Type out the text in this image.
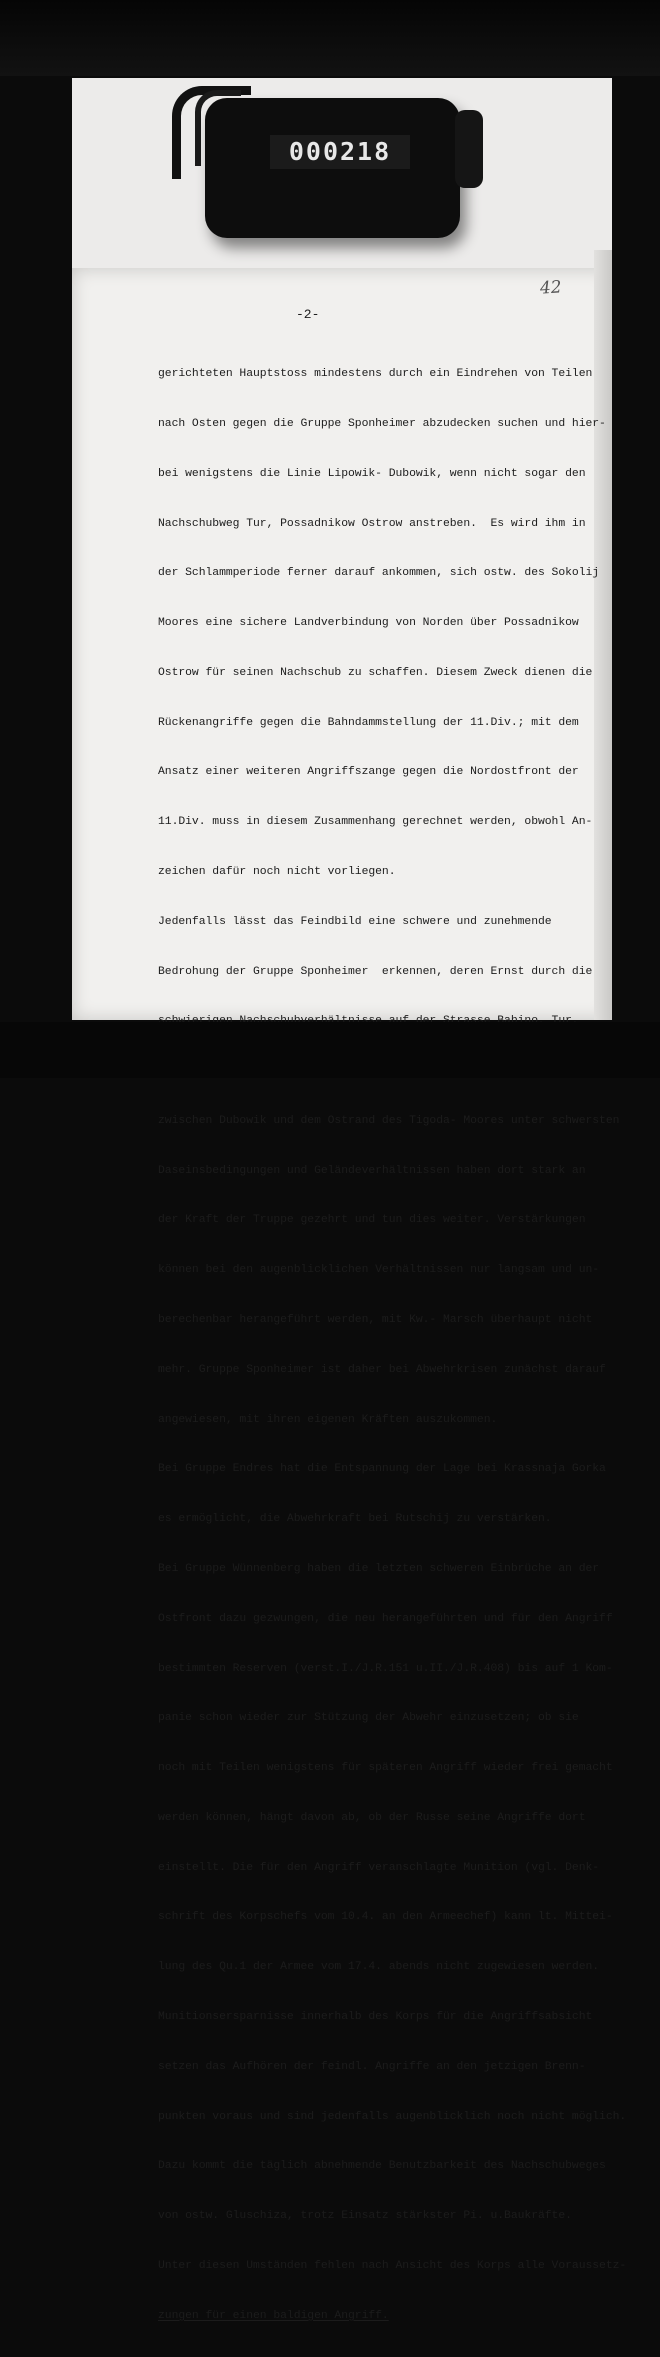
000218
42
-2-

gerichteten Hauptstoss mindestens durch ein Eindrehen von Teilen

nach Osten gegen die Gruppe Sponheimer abzudecken suchen und hier-

bei wenigstens die Linie Lipowik- Dubowik, wenn nicht sogar den

Nachschubweg Tur, Possadnikow Ostrow anstreben.  Es wird ihm in

der Schlammperiode ferner darauf ankommen, sich ostw. des Sokolij

Moores eine sichere Landverbindung von Norden über Possadnikow

Ostrow für seinen Nachschub zu schaffen. Diesem Zweck dienen die

Rückenangriffe gegen die Bahndammstellung der 11.Div.; mit dem

Ansatz einer weiteren Angriffszange gegen die Nordostfront der

11.Div. muss in diesem Zusammenhang gerechnet werden, obwohl An-

zeichen dafür noch nicht vorliegen.

Jedenfalls lässt das Feindbild eine schwere und zunehmende

Bedrohung der Gruppe Sponheimer  erkennen, deren Ernst durch die

zwischen Dubowik und dem Ostrand des Tigoda- Moores unter schwersten

Daseinsbedingungen und Geländeverhältnissen haben dort stark an

der Kraft der Truppe gezehrt und tun dies weiter. Verstärkungen

können bei den augenblicklichen Verhältnissen nur langsam und un-

berechenbar herangeführt werden, mit Kw.- Marsch überhaupt nicht

mehr. Gruppe Sponheimer ist daher bei Abwehrkrisen zunächst darauf

angewiesen, mit ihren eigenen Kräften auszukommen.

Bei Gruppe Endres hat die Entspannung der Lage bei Krassnaja Gorka

es ermöglicht, die Abwehrkraft bei Rutschij zu verstärken.

Bei Gruppe Wünnenberg haben die letzten schweren Einbrüche an der

Ostfront dazu gezwungen, die neu herangeführten und für den Angriff

bestimmten Reserven (verst.I./J.R.151 u.II./J.R.408) bis auf 1 Kom-

panie schon wieder zur Stützung der Abwehr einzusetzen; ob sie

noch mit Teilen wenigstens für späteren Angriff wieder frei gemacht

werden können, hängt davon ab, ob der Russe seine Angriffe dort

einstellt. Die für den Angriff veranschlagte Munition (vgl. Denk-

schrift des Korpschefs vom 10.4. an den Armeechef) kann lt. Mittei-

lung des Qu.1 der Armee vom 17.4. abends nicht zugewiesen werden.

Munitionsersparnisse innerhalb des Korps für die Angriffsabsicht

setzen das Aufhören der feindl. Angriffe an den jetzigen Brenn-

punkten voraus und sind jedenfalls augenblicklich noch nicht möglich.

Dazu kommt die täglich abnehmende Benutzbarkeit des Nachschubweges

von ostw. Gluschiza, trotz Einsatz stärkster Pi. u.Baukräfte.

Unter diesen Umständen fehlen nach Ansicht des Korps alle Voraussetz-

zungen für einen baldigen Angriff.
